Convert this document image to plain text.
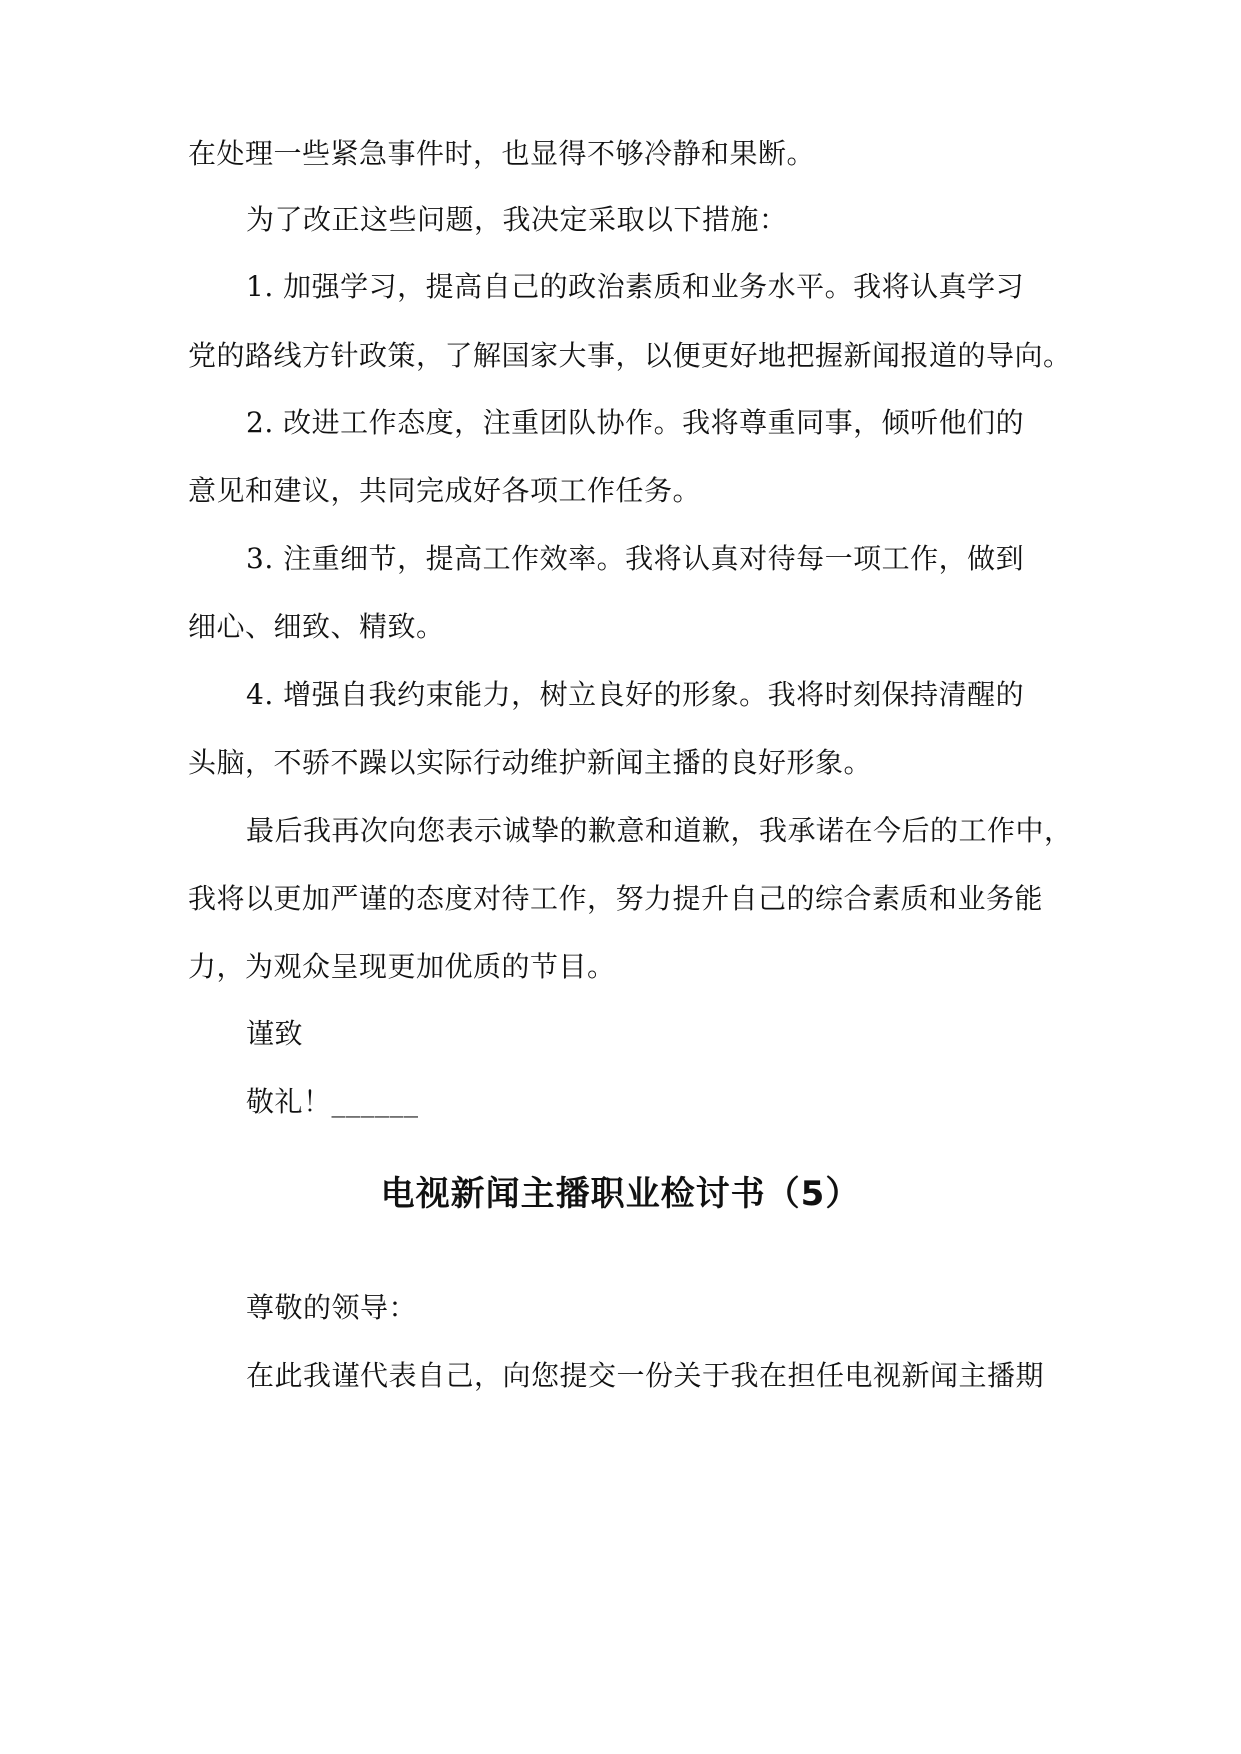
在处理一些紧急事件时，也显得不够冷静和果断。
为了改正这些问题，我决定采取以下措施：
1. 加强学习，提高自己的政治素质和业务水平。我将认真学习
党的路线方针政策，了解国家大事，以便更好地把握新闻报道的导向。
2. 改进工作态度，注重团队协作。我将尊重同事，倾听他们的
意见和建议，共同完成好各项工作任务。
3. 注重细节，提高工作效率。我将认真对待每一项工作，做到
细心、细致、精致。
4. 增强自我约束能力，树立良好的形象。我将时刻保持清醒的
头脑，不骄不躁以实际行动维护新闻主播的良好形象。
最后我再次向您表示诚挚的歉意和道歉，我承诺在今后的工作中，
我将以更加严谨的态度对待工作，努力提升自己的综合素质和业务能
力，为观众呈现更加优质的节目。
谨致
敬礼！______
电视新闻主播职业检讨书（5）
尊敬的领导：
在此我谨代表自己，向您提交一份关于我在担任电视新闻主播期
